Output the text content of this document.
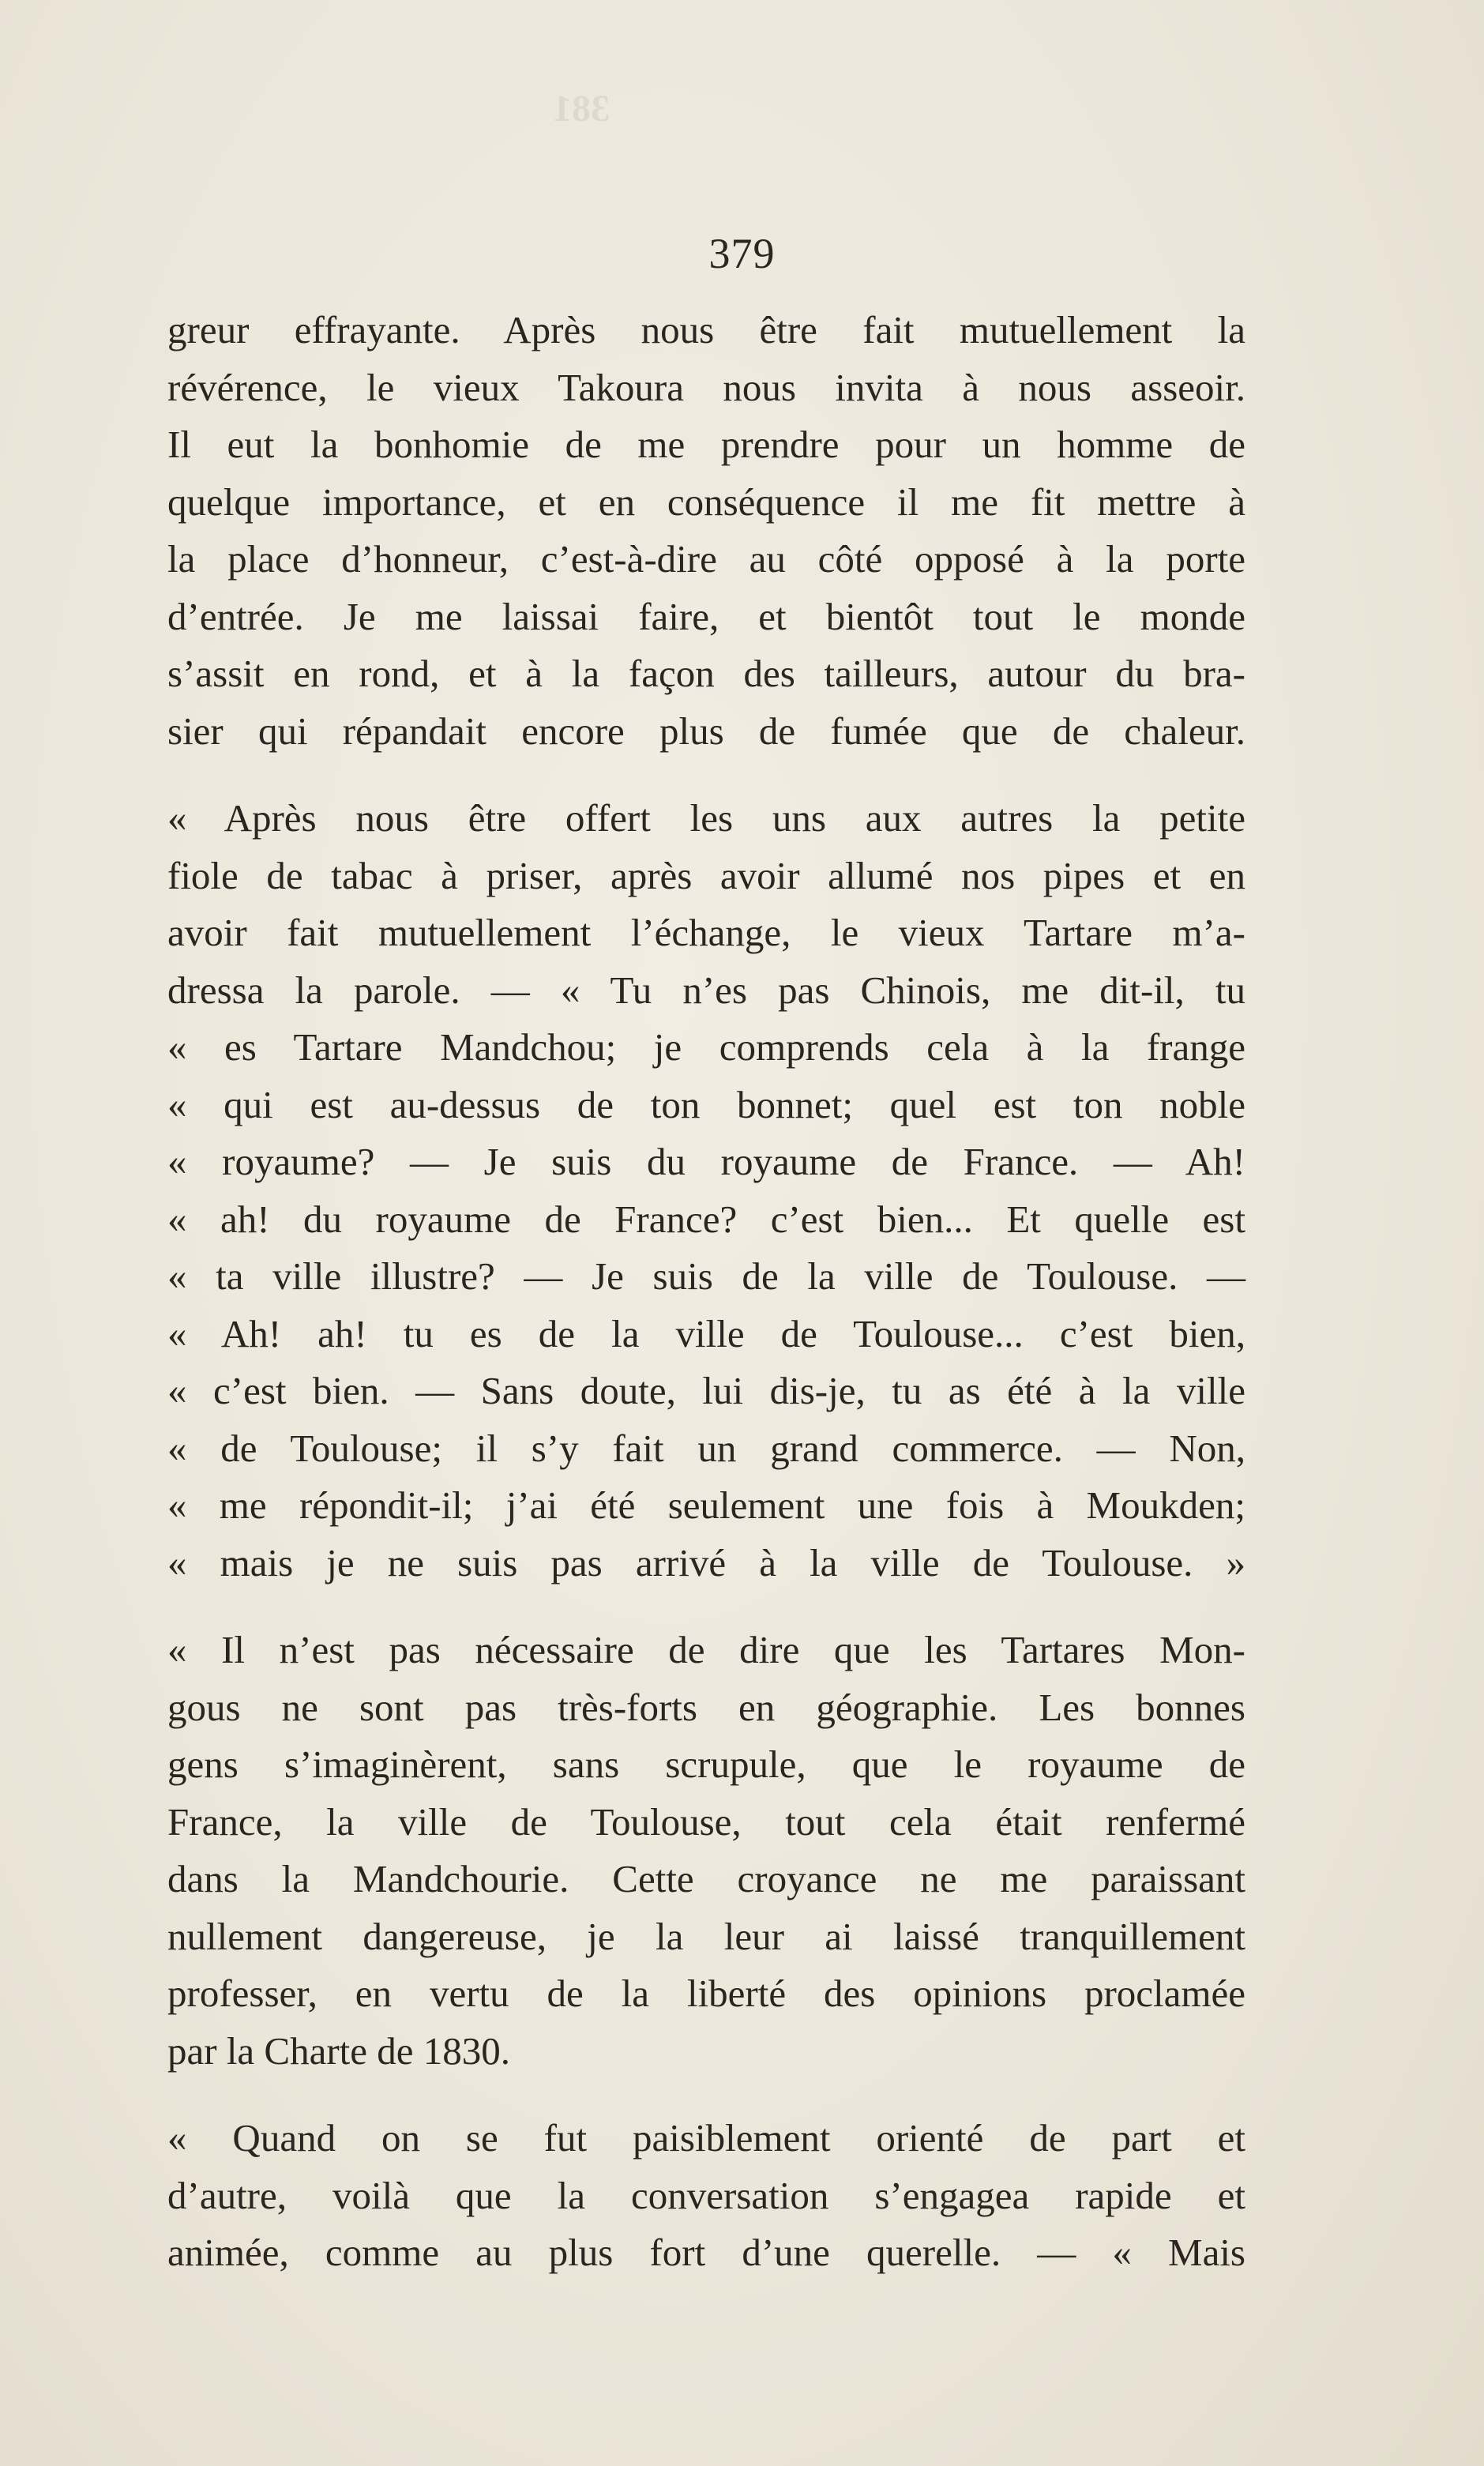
381
379
greur effrayante. Après nous être fait mutuellement la
révérence, le vieux Takoura nous invita à nous asseoir.
Il eut la bonhomie de me prendre pour un homme de
quelque importance, et en conséquence il me fit mettre à
la place d’honneur, c’est-à-dire au côté opposé à la porte
d’entrée. Je me laissai faire, et bientôt tout le monde
s’assit en rond, et à la façon des tailleurs, autour du bra-
sier qui répandait encore plus de fumée que de chaleur.
« Après nous être offert les uns aux autres la petite
fiole de tabac à priser, après avoir allumé nos pipes et en
avoir fait mutuellement l’échange, le vieux Tartare m’a-
dressa la parole. — « Tu n’es pas Chinois, me dit-il, tu
« es Tartare Mandchou; je comprends cela à la frange
« qui est au-dessus de ton bonnet; quel est ton noble
« royaume? — Je suis du royaume de France. — Ah!
« ah! du royaume de France? c’est bien... Et quelle est
« ta ville illustre? — Je suis de la ville de Toulouse. —
« Ah! ah! tu es de la ville de Toulouse... c’est bien,
« c’est bien. — Sans doute, lui dis-je, tu as été à la ville
« de Toulouse; il s’y fait un grand commerce. — Non,
« me répondit-il; j’ai été seulement une fois à Moukden;
« mais je ne suis pas arrivé à la ville de Toulouse. »
« Il n’est pas nécessaire de dire que les Tartares Mon-
gous ne sont pas très-forts en géographie. Les bonnes
gens s’imaginèrent, sans scrupule, que le royaume de
France, la ville de Toulouse, tout cela était renfermé
dans la Mandchourie. Cette croyance ne me paraissant
nullement dangereuse, je la leur ai laissé tranquillement
professer, en vertu de la liberté des opinions proclamée
par la Charte de 1830.
« Quand on se fut paisiblement orienté de part et
d’autre, voilà que la conversation s’engagea rapide et
animée, comme au plus fort d’une querelle. — « Mais
